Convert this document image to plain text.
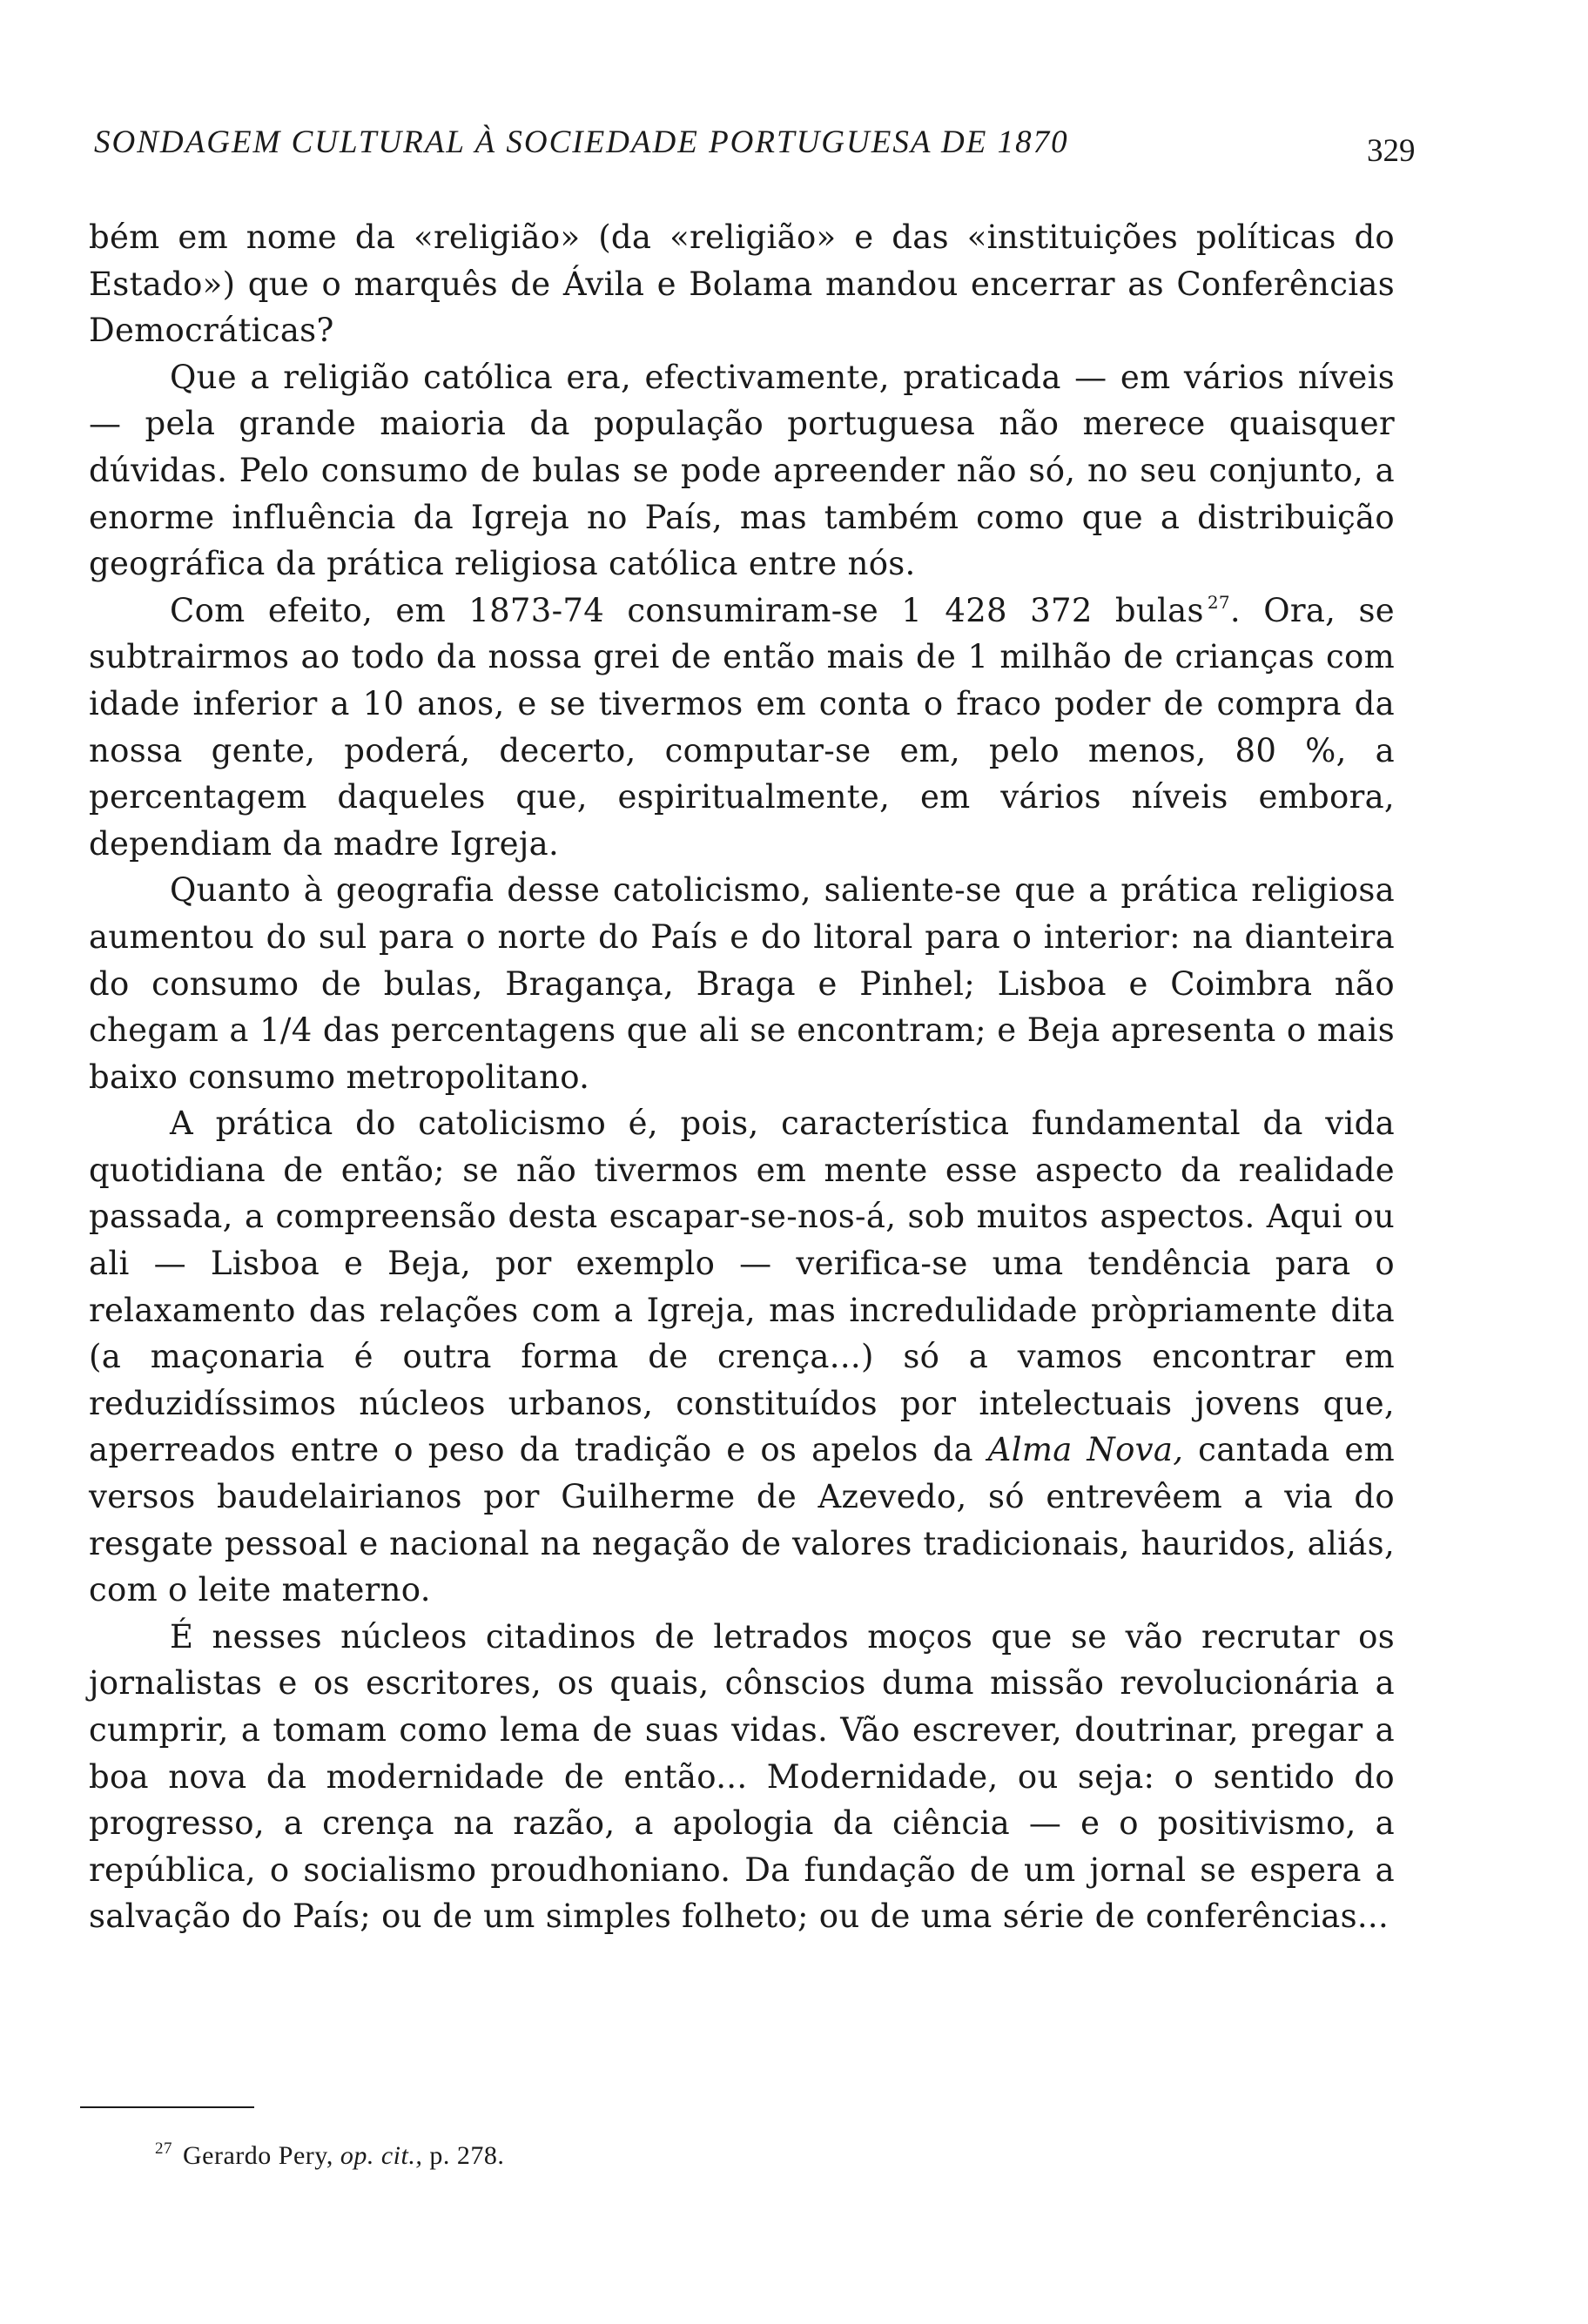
SONDAGEM CULTURAL À SOCIEDADE PORTUGUESA DE 1870	329

bém em nome da «religião» (da «religião» e das «instituições políticas do Estado») que o marquês de Ávila e Bolama mandou encerrar as Conferências Democráticas?

Que a religião católica era, efectivamente, praticada — em vários níveis — pela grande maioria da população portuguesa não merece quaisquer dúvidas. Pelo consumo de bulas se pode apreender não só, no seu conjunto, a enorme influência da Igreja no País, mas também como que a distribuição geográfica da prática religiosa católica entre nós.

Com efeito, em 1873-74 consumiram-se 1 428 372 bulas $^{27}$. Ora, se subtrairmos ao todo da nossa grei de então mais de 1 milhão de crianças com idade inferior a 10 anos, e se tivermos em conta o fraco poder de compra da nossa gente, poderá, decerto, computar-se em, pelo menos, 80 %, a percentagem daqueles que, espiritualmente, em vários níveis embora, dependiam da madre Igreja.

Quanto à geografia desse catolicismo, saliente-se que a prática religiosa aumentou do sul para o norte do País e do litoral para o interior: na dianteira do consumo de bulas, Bragança, Braga e Pinhel; Lisboa e Coimbra não chegam a 1/4 das percentagens que ali se encontram; e Beja apresenta o mais baixo consumo metropolitano.

A prática do catolicismo é, pois, característica fundamental da vida quotidiana de então; se não tivermos em mente esse aspecto da realidade passada, a compreensão desta escapar-se-nos-á, sob muitos aspectos. Aqui ou ali — Lisboa e Beja, por exemplo — verifica-se uma tendência para o relaxamento das relações com a Igreja, mas incredulidade pròpriamente dita (a maçonaria é outra forma de crença...) só a vamos encontrar em reduzidíssimos núcleos urbanos, constituídos por intelectuais jovens que, aperreados entre o peso da tradição e os apelos da Alma Nova, cantada em versos baudelairianos por Guilherme de Azevedo, só entrevêem a via do resgate pessoal e nacional na negação de valores tradicionais, hauridos, aliás, com o leite materno.

É nesses núcleos citadinos de letrados moços que se vão recrutar os jornalistas e os escritores, os quais, cônscios duma missão revolucionária a cumprir, a tomam como lema de suas vidas. Vão escrever, doutrinar, pregar a boa nova da modernidade de então... Modernidade, ou seja: o sentido do progresso, a crença na razão, a apologia da ciência — e o positivismo, a república, o socialismo proudhoniano. Da fundação de um jornal se espera a salvação do País; ou de um simples folheto; ou de uma série de conferências...

$^{27}$ Gerardo Pery, op. cit., p. 278.
